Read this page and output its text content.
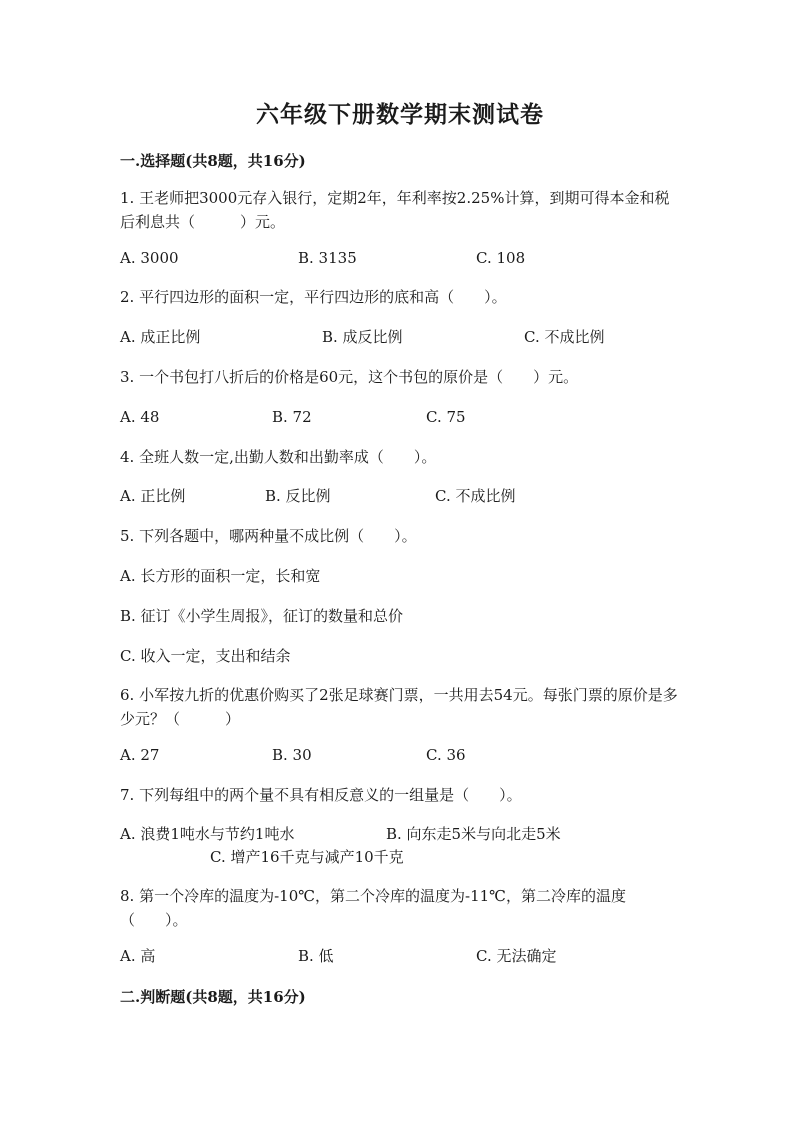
六年级下册数学期末测试卷
一.选择题(共8题，共16分)
1. 王老师把3000元存入银行，定期2年，年利率按2.25%计算，到期可得本金和税后利息共（　　　）元。
A. 3000	B. 3135	C. 108
2. 平行四边形的面积一定，平行四边形的底和高（　　）。
A. 成正比例	B. 成反比例	C. 不成比例
3. 一个书包打八折后的价格是60元，这个书包的原价是（　　）元。
A. 48	B. 72	C. 75
4. 全班人数一定,出勤人数和出勤率成（　　）。
A. 正比例	B. 反比例	C. 不成比例
5. 下列各题中，哪两种量不成比例（　　）。
A. 长方形的面积一定，长和宽
B. 征订《小学生周报》，征订的数量和总价
C. 收入一定，支出和结余
6. 小军按九折的优惠价购买了2张足球赛门票，一共用去54元。每张门票的原价是多少元？（　　　）
A. 27	B. 30	C. 36
7. 下列每组中的两个量不具有相反意义的一组量是（　　）。
A. 浪费1吨水与节约1吨水	B. 向东走5米与向北走5米
C. 增产16千克与减产10千克
8. 第一个冷库的温度为-10℃，第二个冷库的温度为-11℃，第二冷库的温度（　　）。
A. 高	B. 低	C. 无法确定
二.判断题(共8题，共16分)
